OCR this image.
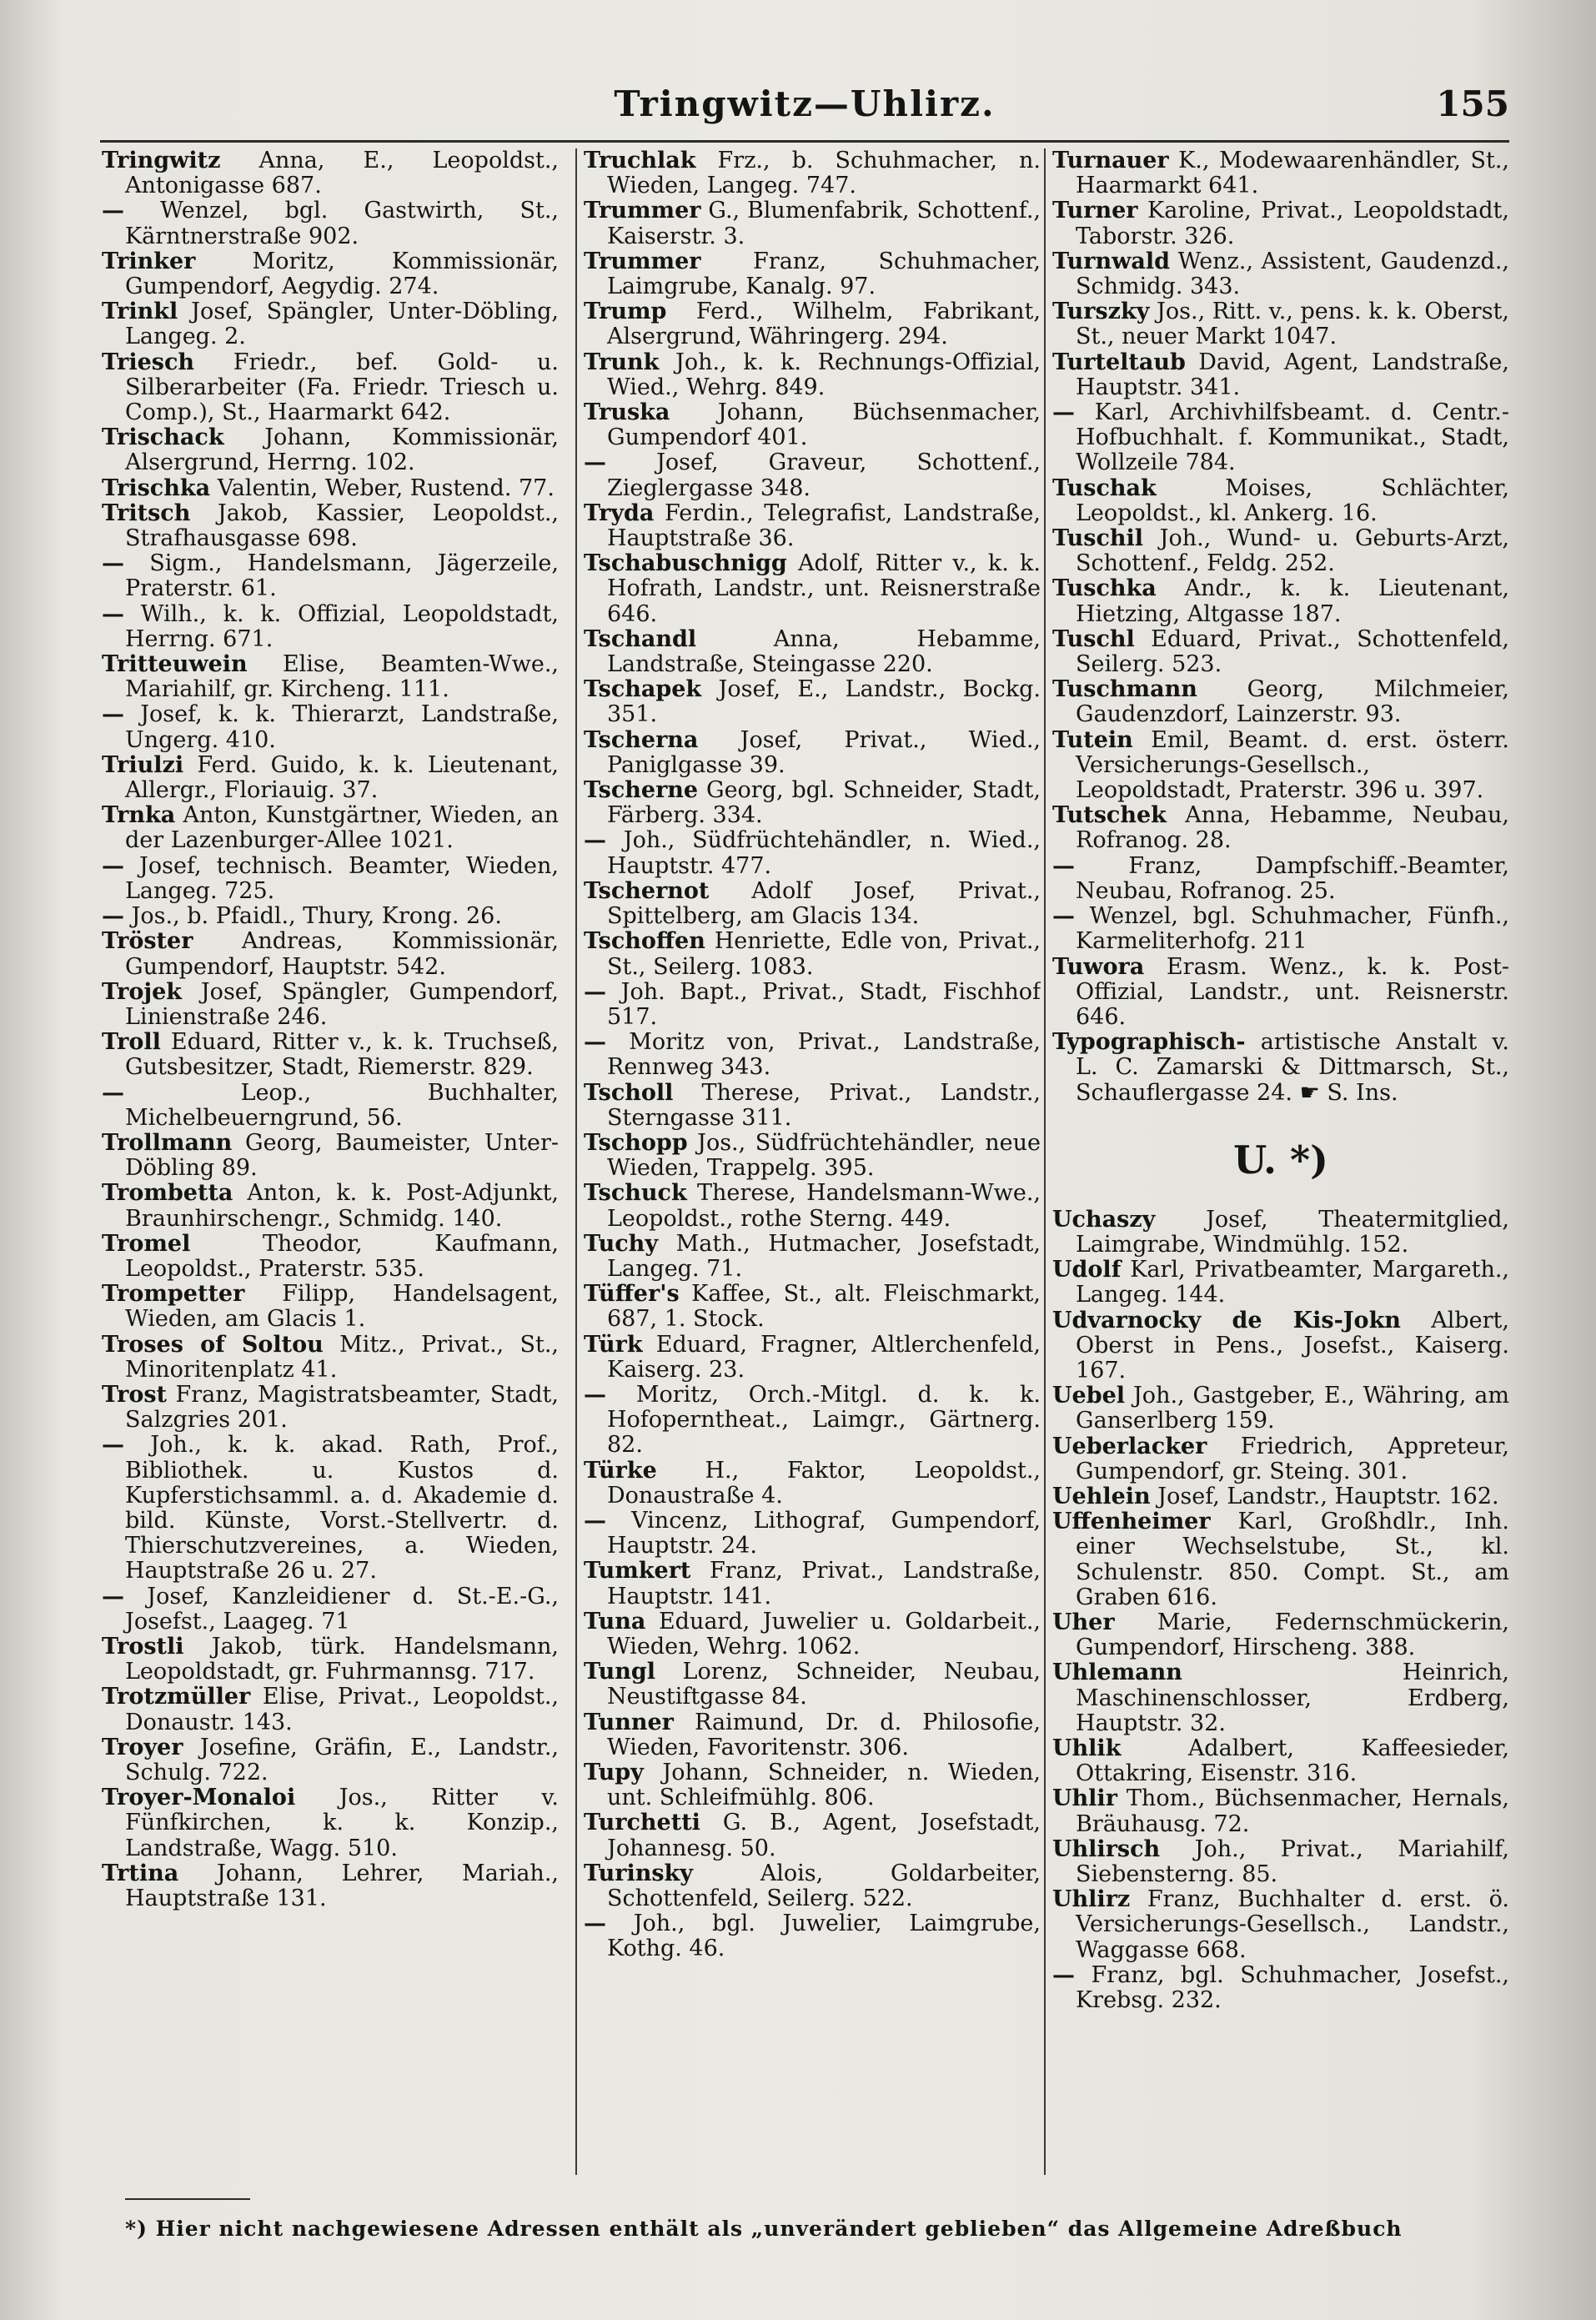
Tringwitz—Uhlirz.	155

Tringwitz Anna, E., Leopoldst., Antonigasse 687.

— Wenzel, bgl. Gastwirth, St., Kärntnerstraße 902.

Trinker	Moritz, Kommissionär, Gumpendorf, Aegydig. 274.

Trinkl Josef, Spängler, Unter-Döbling, Langeg. 2.

Triesch Friedr., bef. Gold- u. Silberarbeiter (Fa. Friedr. Triesch u. Comp.), St., Haarmarkt 642.

Trischack Johann, Kommissionär, Alsergrund, Herrng. 102.

Trischka Valentin, Weber, Rustend. 77.

Tritsch Jakob, Kassier, Leopoldst., Strafhausgasse 698.

— Sigm., Handelsmann, Jägerzeile, Praterstr. 61.

— Wilh., k. k. Offizial, Leopoldstadt, Herrng. 671.

Tritteuwein Elise, Beamten-Wwe., Mariahilf, gr. Kircheng. 111.

— Josef, k. k. Thierarzt, Landstraße, Ungerg. 410.

Triulzi Ferd. Guido, k. k. Lieutenant, Allergr., Floriauig. 37.

Trnka Anton, Kunstgärtner, Wieden, an der Lazenburger-Allee 1021.

— Josef, technisch. Beamter, Wieden, Langeg. 725.

— Jos., b. Pfaidl., Thury, Krong. 26.

Tröster Andreas, Kommissionär, Gumpendorf, Hauptstr. 542.

Trojek Josef, Spängler, Gumpendorf, Linienstraße 246.

Troll Eduard, Ritter v., k. k. Truchseß, Gutsbesitzer, Stadt, Riemerstr. 829.

—	Leop., Buchhalter, Michelbeuerngrund, 56.

Trollmann Georg, Baumeister, Unter-Döbling 89.

Trombetta Anton, k. k. Post-Adjunkt, Braunhirschengr., Schmidg. 140.

Tromel	Theodor, Kaufmann, Leopoldst., Praterstr. 535.

Trompetter Filipp, Handelsagent, Wieden, am Glacis 1.

Troses of Soltou Mitz., Privat., St., Minoritenplatz 41.

Trost Franz, Magistratsbeamter, Stadt, Salzgries 201.

— Joh., k. k. akad. Rath, Prof., Bibliothek. u. Kustos d. Kupferstichsamml. a. d. Akademie d. bild. Künste, Vorst.-Stellvertr. d. Thierschutzvereines, a. Wieden, Hauptstraße 26 u. 27.

— Josef, Kanzleidiener d. St.-E.-G., Josefst., Laageg. 71

Trostli Jakob, türk. Handelsmann, Leopoldstadt, gr. Fuhrmannsg. 717.

Trotzmüller Elise, Privat., Leopoldst., Donaustr. 143.

Troyer Josefine, Gräfin, E., Landstr., Schulg. 722.

Troyer-Monaloi Jos., Ritter v. Fünfkirchen, k. k. Konzip., Landstraße, Wagg. 510.

Trtina Johann, Lehrer, Mariah., Hauptstraße 131.

Truchlak Frz., b. Schuhmacher, n. Wieden, Langeg. 747.

Trummer G., Blumenfabrik, Schottenf., Kaiserstr. 3.

Trummer Franz, Schuhmacher, Laimgrube, Kanalg. 97.

Trump Ferd., Wilhelm, Fabrikant, Alsergrund, Währingerg. 294.

Trunk Joh., k. k. Rechnungs-Offizial, Wied., Wehrg. 849.

Truska Johann, Büchsenmacher, Gumpendorf 401.

— Josef, Graveur, Schottenf., Zieglergasse 348.

Tryda Ferdin., Telegrafist, Landstraße, Hauptstraße 36.

Tschabuschnigg Adolf, Ritter v., k. k. Hofrath, Landstr., unt. Reisnerstraße 646.

Tschandl	Anna, Hebamme, Landstraße, Steingasse 220.

Tschapek Josef, E., Landstr., Bockg. 351.

Tscherna Josef, Privat., Wied., Paniglgasse 39.

Tscherne Georg, bgl. Schneider, Stadt, Färberg. 334.

— Joh., Südfrüchtehändler, n. Wied., Hauptstr. 477.

Tschernot Adolf Josef, Privat., Spittelberg, am Glacis 134.

Tschoffen Henriette, Edle von, Privat., St., Seilerg. 1083.

— Joh. Bapt., Privat., Stadt, Fischhof 517.

— Moritz von, Privat., Landstraße, Rennweg 343.

Tscholl Therese, Privat., Landstr., Sterngasse 311.

Tschopp Jos., Südfrüchtehändler, neue Wieden, Trappelg. 395.

Tschuck Therese, Handelsmann-Wwe., Leopoldst., rothe Sterng. 449.

Tuchy Math., Hutmacher, Josefstadt, Langeg. 71.

Tüffer's Kaffee, St., alt. Fleischmarkt, 687, 1. Stock.

Türk Eduard, Fragner, Altlerchenfeld, Kaiserg. 23.

— Moritz, Orch.-Mitgl. d. k. k. Hofoperntheat., Laimgr., Gärtnerg. 82.

Türke H., Faktor, Leopoldst., Donaustraße 4.

— Vincenz, Lithograf, Gumpendorf, Hauptstr. 24.

Tumkert Franz, Privat., Landstraße, Hauptstr. 141.

Tuna Eduard, Juwelier u. Goldarbeit., Wieden, Wehrg. 1062.

Tungl Lorenz, Schneider, Neubau, Neustiftgasse 84.

Tunner Raimund, Dr. d. Philosofie, Wieden, Favoritenstr. 306.

Tupy Johann, Schneider, n. Wieden, unt. Schleifmühlg. 806.

Turchetti G. B., Agent, Josefstadt, Johannesg. 50.

Turinsky	Alois, Goldarbeiter, Schottenfeld, Seilerg. 522.

— Joh., bgl. Juwelier, Laimgrube, Kothg. 46.

Turnauer K., Modewaarenhändler, St., Haarmarkt 641.

Turner Karoline, Privat., Leopoldstadt, Taborstr. 326.

Turnwald Wenz., Assistent, Gaudenzd., Schmidg. 343.

Turszky Jos., Ritt. v., pens. k. k. Oberst, St., neuer Markt 1047.

Turteltaub David, Agent, Landstraße, Hauptstr. 341.

— Karl, Archivhilfsbeamt. d. Centr.-Hofbuchhalt. f. Kommunikat., Stadt, Wollzeile 784.

Tuschak	Moises, Schlächter, Leopoldst., kl. Ankerg. 16.

Tuschil Joh., Wund- u. Geburts-Arzt, Schottenf., Feldg. 252.

Tuschka Andr., k. k. Lieutenant, Hietzing, Altgasse 187.

Tuschl Eduard, Privat., Schottenfeld, Seilerg. 523.

Tuschmann Georg, Milchmeier, Gaudenzdorf, Lainzerstr. 93.

Tutein Emil, Beamt. d. erst. österr. Versicherungs-Gesellsch., Leopoldstadt, Praterstr. 396 u. 397.

Tutschek Anna, Hebamme, Neubau, Rofranog. 28.

— Franz, Dampfschiff.-Beamter, Neubau, Rofranog. 25.

— Wenzel, bgl. Schuhmacher, Fünfh., Karmeliterhofg. 211

Tuwora Erasm. Wenz., k. k. Post-Offizial, Landstr., unt. Reisnerstr. 646.

Typographisch- artistische Anstalt v. L. C. Zamarski & Dittmarsch, St., Schauflergasse 24. ☛ S. Ins.

U. *)

Uchaszy Josef, Theatermitglied, Laimgrabe, Windmühlg. 152.

Udolf Karl, Privatbeamter, Margareth., Langeg. 144.

Udvarnocky de Kis-Jokn Albert, Oberst in Pens., Josefst., Kaiserg. 167.

Uebel Joh., Gastgeber, E., Währing, am Ganserlberg 159.

Ueberlacker Friedrich, Appreteur, Gumpendorf, gr. Steing. 301.

Uehlein Josef, Landstr., Hauptstr. 162.

Uffenheimer Karl, Großhdlr., Inh. einer Wechselstube, St., kl. Schulenstr. 850. Compt. St., am Graben 616.

Uher Marie, Federnschmückerin, Gumpendorf, Hirscheng. 388.

Uhlemann	Heinrich, Maschinenschlosser, Erdberg, Hauptstr. 32.

Uhlik	Adalbert, Kaffeesieder, Ottakring, Eisenstr. 316.

Uhlir Thom., Büchsenmacher, Hernals, Bräuhausg. 72.

Uhlirsch Joh., Privat., Mariahilf, Siebensterng. 85.

Uhlirz Franz, Buchhalter d. erst. ö. Versicherungs-Gesellsch., Landstr., Waggasse 668.

— Franz, bgl. Schuhmacher, Josefst., Krebsg. 232.

*) Hier nicht nachgewiesene Adressen enthält als „unverändert geblieben“ das Allgemeine Adreßbuch
